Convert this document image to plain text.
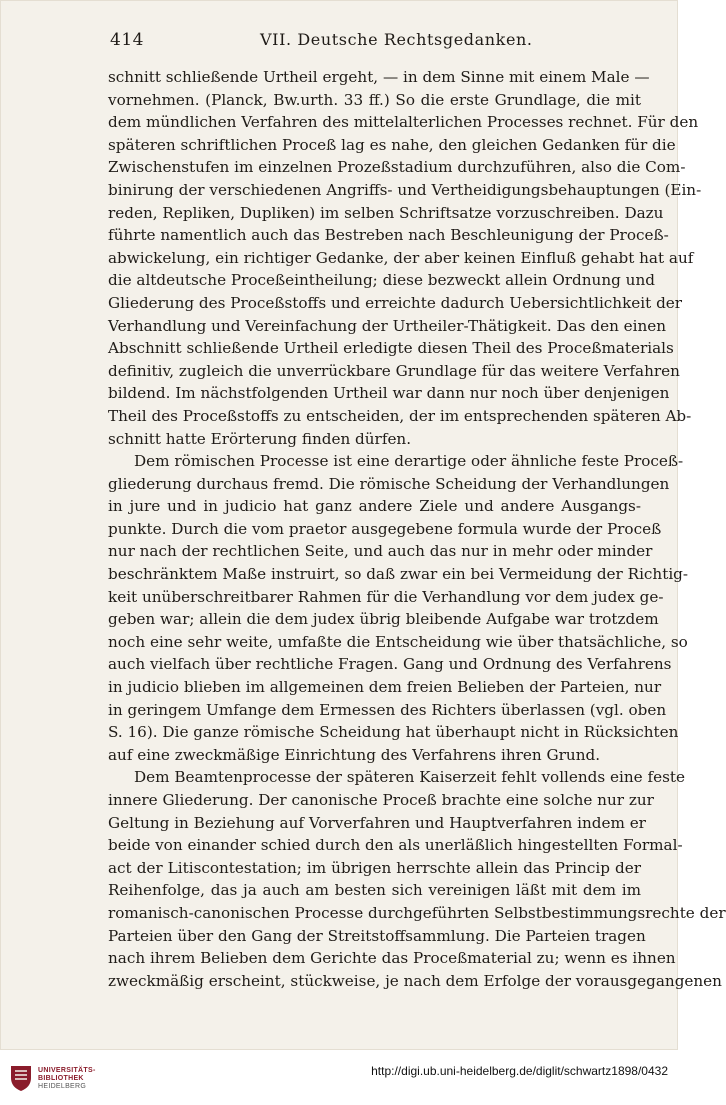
414	VII. Deutsche Rechtsgedanken.
schnitt schließende Urtheil ergeht, — in dem Sinne mit einem Male —
vornehmen. (Planck, Bw.urth. 33 ff.) So die erste Grundlage, die mit
dem mündlichen Verfahren des mittelalterlichen Processes rechnet. Für den
späteren schriftlichen Proceß lag es nahe, den gleichen Gedanken für die
Zwischenstufen im einzelnen Prozeßstadium durchzuführen, also die Com-
binirung der verschiedenen Angriffs- und Vertheidigungsbehauptungen (Ein-
reden, Repliken, Dupliken) im selben Schriftsatze vorzuschreiben. Dazu
führte namentlich auch das Bestreben nach Beschleunigung der Proceß-
abwickelung, ein richtiger Gedanke, der aber keinen Einfluß gehabt hat auf
die altdeutsche Proceßeintheilung; diese bezweckt allein Ordnung und
Gliederung des Proceßstoffs und erreichte dadurch Uebersichtlichkeit der
Verhandlung und Vereinfachung der Urtheiler-Thätigkeit. Das den einen
Abschnitt schließende Urtheil erledigte diesen Theil des Proceßmaterials
definitiv, zugleich die unverrückbare Grundlage für das weitere Verfahren
bildend. Im nächstfolgenden Urtheil war dann nur noch über denjenigen
Theil des Proceßstoffs zu entscheiden, der im entsprechenden späteren Ab-
schnitt hatte Erörterung finden dürfen.
Dem römischen Processe ist eine derartige oder ähnliche feste Proceß-
gliederung durchaus fremd. Die römische Scheidung der Verhandlungen
in jure und in judicio hat ganz andere Ziele und andere Ausgangs-
punkte. Durch die vom praetor ausgegebene formula wurde der Proceß
nur nach der rechtlichen Seite, und auch das nur in mehr oder minder
beschränktem Maße instruirt, so daß zwar ein bei Vermeidung der Richtig-
keit unüberschreitbarer Rahmen für die Verhandlung vor dem judex ge-
geben war; allein die dem judex übrig bleibende Aufgabe war trotzdem
noch eine sehr weite, umfaßte die Entscheidung wie über thatsächliche, so
auch vielfach über rechtliche Fragen. Gang und Ordnung des Verfahrens
in judicio blieben im allgemeinen dem freien Belieben der Parteien, nur
in geringem Umfange dem Ermessen des Richters überlassen (vgl. oben
S. 16). Die ganze römische Scheidung hat überhaupt nicht in Rücksichten
auf eine zweckmäßige Einrichtung des Verfahrens ihren Grund.
Dem Beamtenprocesse der späteren Kaiserzeit fehlt vollends eine feste
innere Gliederung. Der canonische Proceß brachte eine solche nur zur
Geltung in Beziehung auf Vorverfahren und Hauptverfahren indem er
beide von einander schied durch den als unerläßlich hingestellten Formal-
act der Litiscontestation; im übrigen herrschte allein das Princip der
Reihenfolge, das ja auch am besten sich vereinigen läßt mit dem im
romanisch-canonischen Processe durchgeführten Selbstbestimmungsrechte der
Parteien über den Gang der Streitstoffsammlung. Die Parteien tragen
nach ihrem Belieben dem Gerichte das Proceßmaterial zu; wenn es ihnen
zweckmäßig erscheint, stückweise, je nach dem Erfolge der vorausgegangenen
UNIVERSITÄTS-
BIBLIOTHEK
HEIDELBERG
http://digi.ub.uni-heidelberg.de/diglit/schwartz1898/0432
